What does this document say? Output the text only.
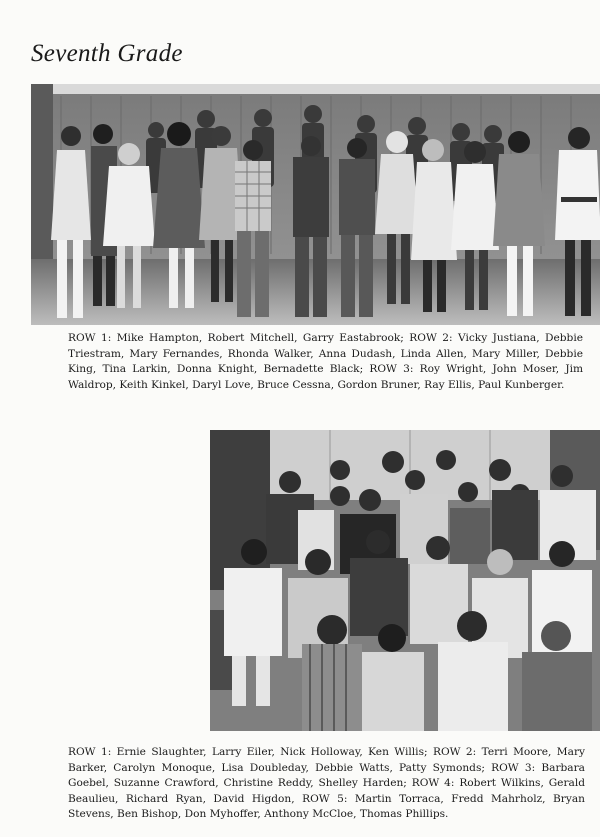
Seventh Grade

ROW 1: Mike Hampton, Robert Mitchell, Garry Eastabrook; ROW 2: Vicky Justiana, Debbie Triestram, Mary Fernandes, Rhonda Walker, Anna Dudash, Linda Allen, Mary Miller, Debbie King, Tina Larkin, Donna Knight, Bernadette Black; ROW 3: Roy Wright, John Moser, Jim Waldrop, Keith Kinkel, Daryl Love, Bruce Cessna, Gordon Bruner, Ray Ellis, Paul Kunberger.

ROW 1: Ernie Slaughter, Larry Eiler, Nick Holloway, Ken Willis; ROW 2: Terri Moore, Mary Barker, Carolyn Monoque, Lisa Doubleday, Debbie Watts, Patty Symonds; ROW 3: Barbara Goebel, Suzanne Crawford, Christine Reddy, Shelley Harden; ROW 4: Robert Wilkins, Gerald Beaulieu, Richard Ryan, David Higdon, ROW 5: Martin Torraca, Fredd Mahrholz, Bryan Stevens, Ben Bishop, Don Myhoffer, Anthony McCloe, Thomas Phillips.
